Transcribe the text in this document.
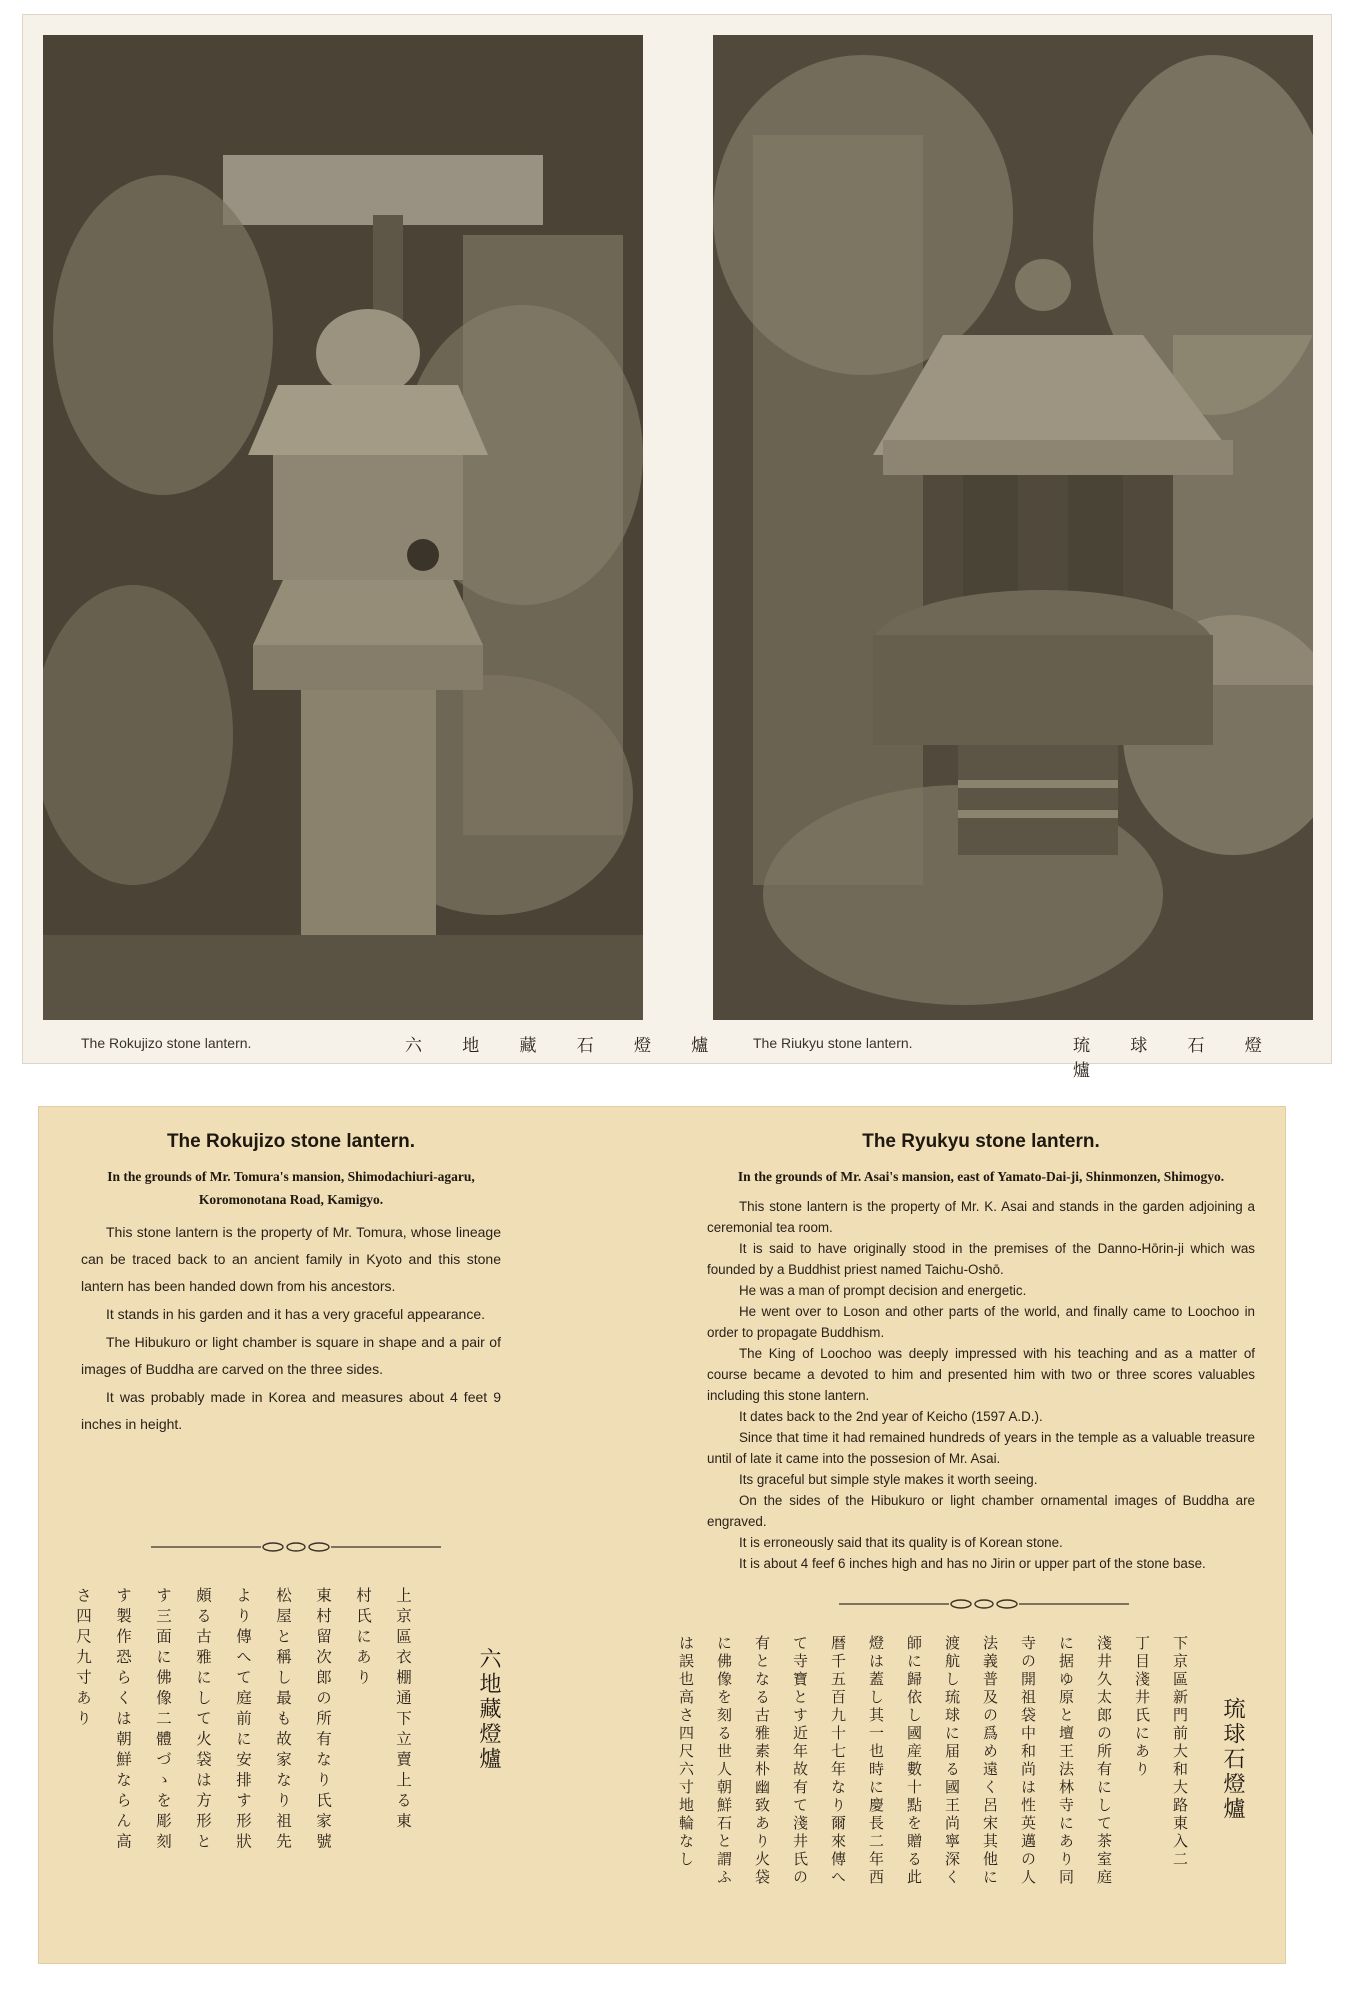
The Rokujizo stone lantern.	六 地 藏 石 燈 爐 The Riukyu stone lantern.	琉 球 石 燈 爐
The Rokujizo stone lantern.
In the grounds of Mr. Tomura's mansion, Shimodachiuri-agaru, Koromonotana Road, Kamigyo.

This stone lantern is the property of Mr. Tomura, whose lineage can be traced back to an ancient family in Kyoto and this stone lantern has been handed down from his ancestors.

It stands in his garden and it has a very graceful appearance.

The Hibukuro or light chamber is square in shape and a pair of images of Buddha are carved on the three sides.

It was probably made in Korea and measures about 4 feet 9 inches in height.

The Ryukyu stone lantern.
In the grounds of Mr. Asai's mansion, east of Yamato-Dai-ji, Shinmonzen, Shimogyo.

This stone lantern is the property of Mr. K. Asai and stands in the garden adjoining a ceremonial tea room.

It is said to have originally stood in the premises of the Danno-Hōrin-ji which was founded by a Buddhist priest named Taichu-Oshō.

He was a man of prompt decision and energetic.

He went over to Loson and other parts of the world, and finally came to Loochoo in order to propagate Buddhism.

The King of Loochoo was deeply impressed with his teaching and as a matter of course became a devoted to him and presented him with two or three scores valuables including this stone lantern.

It dates back to the 2nd year of Keicho (1597 A.D.).

Since that time it had remained hundreds of years in the temple as a valuable treasure until of late it came into the possesion of Mr. Asai.

Its graceful but simple style makes it worth seeing.

On the sides of the Hibukuro or light chamber ornamental images of Buddha are engraved.

It is erroneously said that its quality is of Korean stone.

It is about 4 feef 6 inches high and has no Jirin or upper part of the stone base.

六地藏燈爐
上京區衣棚通下立賣上る東
村氏にあり
東村留次郎の所有なり氏家號
松屋と稱し最も故家なり祖先
より傳へて庭前に安排す形狀
頗る古雅にして火袋は方形と
す三面に佛像二體づゝを彫刻
す製作恐らくは朝鮮ならん高
さ四尺九寸あり
琉球石燈爐
下京區新門前大和大路東入二
丁目淺井氏にあり
淺井久太郎の所有にして茶室庭
に据ゆ原と壇王法林寺にあり同
寺の開祖袋中和尚は性英邁の人
法義普及の爲め遠く呂宋其他に
渡航し琉球に届る國王尚寧深く
師に歸依し國産數十點を贈る此
燈は蓋し其一也時に慶長二年西
暦千五百九十七年なり爾來傳へ
て寺寶とす近年故有て淺井氏の
有となる古雅素朴幽致あり火袋
に佛像を刻る世人朝鮮石と謂ふ
は誤也高さ四尺六寸地輪なし
